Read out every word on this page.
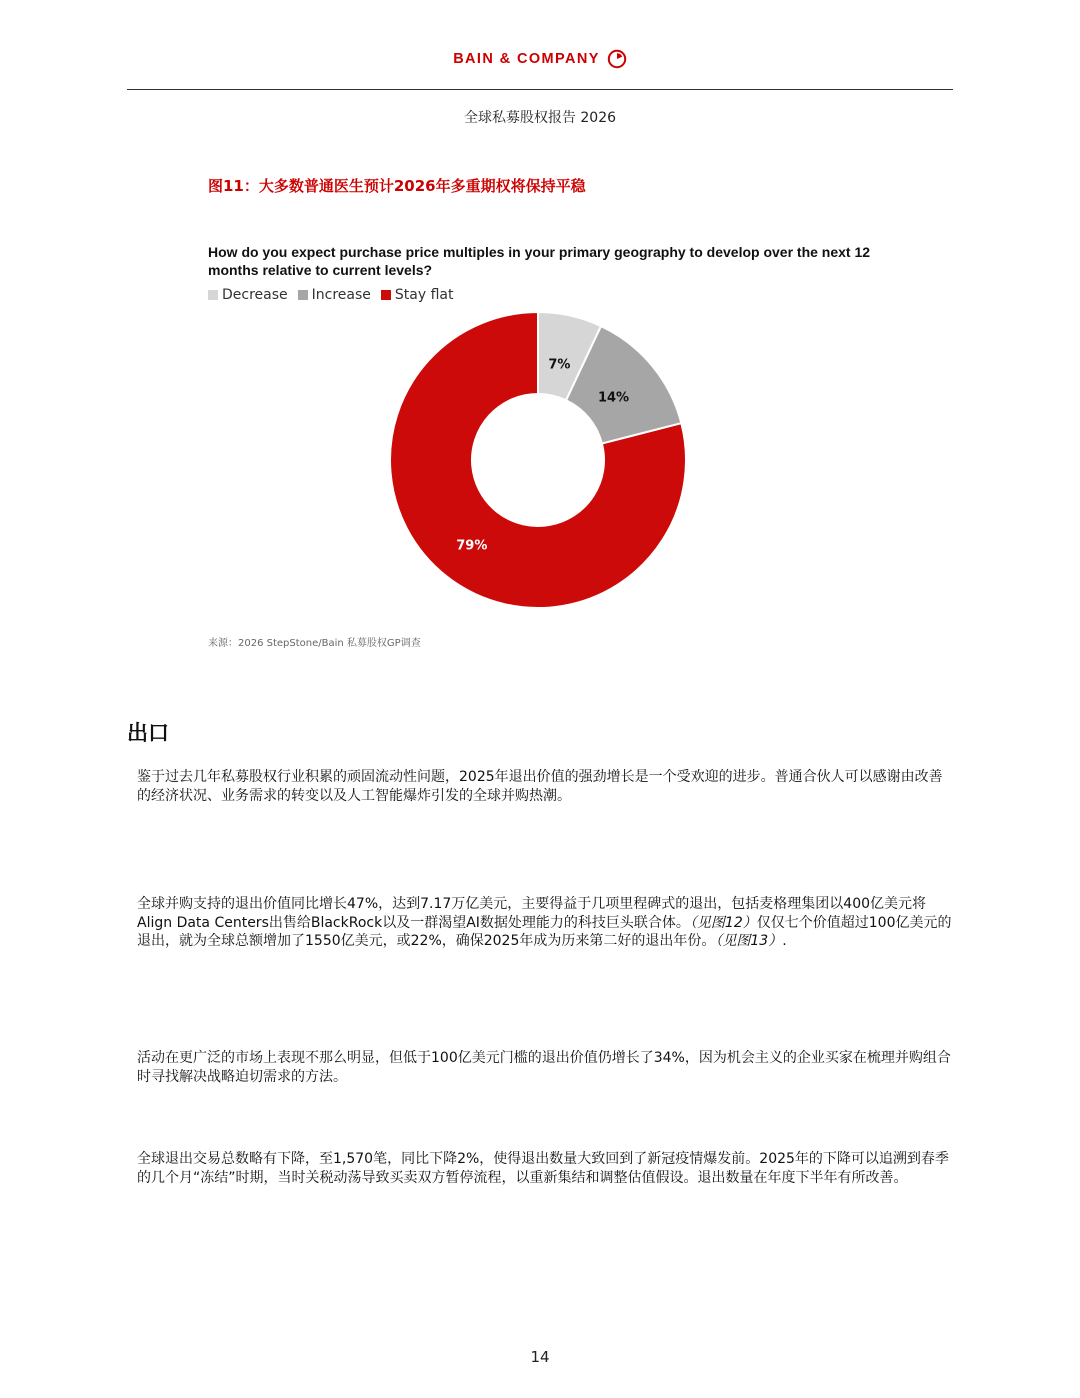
BAIN & COMPANY
全球私募股权报告 2026
图11：大多数普通医生预计2026年多重期权将保持平稳
How do you expect purchase price multiples in your primary geography to develop over the next 12 months relative to current levels?
Decrease Increase Stay flat
7%
14%
79%
来源：2026 StepStone/Bain 私募股权GP调查
出口
鉴于过去几年私募股权行业积累的顽固流动性问题，2025年退出价值的强劲增长是一个受欢迎的进步。普通合伙人可以感谢由改善的经济状况、业务需求的转变以及人工智能爆炸引发的全球并购热潮。
全球并购支持的退出价值同比增长47%，达到7.17万亿美元，主要得益于几项里程碑式的退出，包括麦格理集团以400亿美元将Align Data Centers出售给BlackRock以及一群渴望AI数据处理能力的科技巨头联合体。（见图12）仅仅七个价值超过100亿美元的退出，就为全球总额增加了1550亿美元，或22%，确保2025年成为历来第二好的退出年份。（见图13）.
活动在更广泛的市场上表现不那么明显，但低于100亿美元门槛的退出价值仍增长了34%，因为机会主义的企业买家在梳理并购组合时寻找解决战略迫切需求的方法。
全球退出交易总数略有下降，至1,570笔，同比下降2%，使得退出数量大致回到了新冠疫情爆发前。2025年的下降可以追溯到春季的几个月“冻结”时期，当时关税动荡导致买卖双方暂停流程，以重新集结和调整估值假设。退出数量在年度下半年有所改善。
14
